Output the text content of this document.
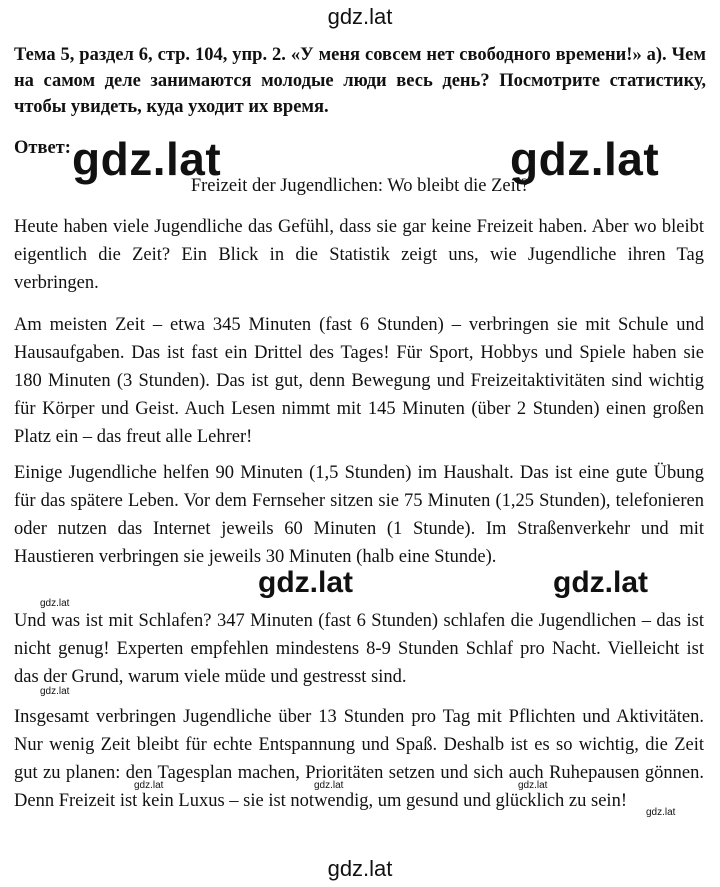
gdz.lat
Тема 5, раздел 6, стр. 104, упр. 2. «У меня совсем нет свободного времени!» а). Чем на самом деле занимаются молодые люди весь день? Посмотрите статистику, чтобы увидеть, куда уходит их время.
Ответ: gdz.lat	gdz.lat
Freizeit der Jugendlichen: Wo bleibt die Zeit?

Heute haben viele Jugendliche das Gefühl, dass sie gar keine Freizeit haben. Aber wo bleibt eigentlich die Zeit? Ein Blick in die Statistik zeigt uns, wie Jugendliche ihren Tag verbringen.

Am meisten Zeit – etwa 345 Minuten (fast 6 Stunden) – verbringen sie mit Schule und Hausaufgaben. Das ist fast ein Drittel des Tages! Für Sport, Hobbys und Spiele haben sie 180 Minuten (3 Stunden). Das ist gut, denn Bewegung und Freizeitaktivitäten sind wichtig für Körper und Geist. Auch Lesen nimmt mit 145 Minuten (über 2 Stunden) einen großen Platz ein – das freut alle Lehrer!

Einige Jugendliche helfen 90 Minuten (1,5 Stunden) im Haushalt. Das ist eine gute Übung für das spätere Leben. Vor dem Fernseher sitzen sie 75 Minuten (1,25 Stunden), telefonieren oder nutzen das Internet jeweils 60 Minuten (1 Stunde). Im Straßenverkehr und mit Haustieren verbringen sie jeweils 30 Minuten (halb eine Stunde).

Und was ist mit Schlafen? 347 Minuten (fast 6 Stunden) schlafen die Jugendlichen – das ist nicht genug! Experten empfehlen mindestens 8-9 Stunden Schlaf pro Nacht. Vielleicht ist das der Grund, warum viele müde und gestresst sind.

Insgesamt verbringen Jugendliche über 13 Stunden pro Tag mit Pflichten und Aktivitäten. Nur wenig Zeit bleibt für echte Entspannung und Spaß. Deshalb ist es so wichtig, die Zeit gut zu planen: den Tagesplan machen, Prioritäten setzen und sich auch Ruhepausen gönnen. Denn Freizeit ist kein Luxus – sie ist notwendig, um gesund und glücklich zu sein!

gdz.lat	gdz.lat
gdz.lat
gdz.lat
gdz.lat	gdz.lat	gdz.lat
gdz.lat
gdz.lat
